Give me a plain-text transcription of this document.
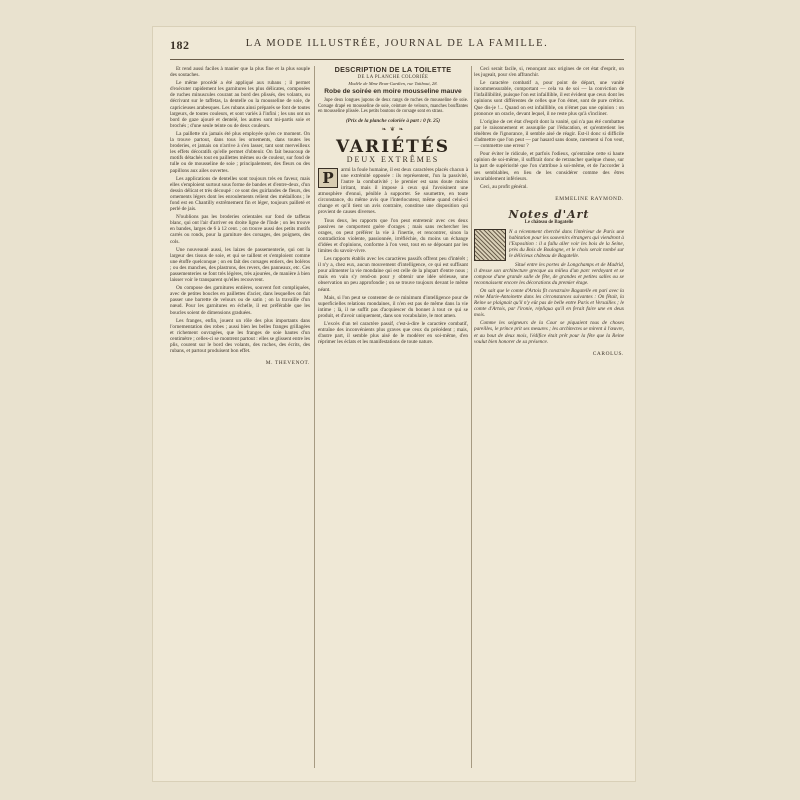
182	LA MODE ILLUSTRÉE, JOURNAL DE LA FAMILLE.

Et rend aussi faciles à manier que la plus fine et la plus souple des soutaches.

Le même procédé a été appliqué aux rubans ; il permet d'exécuter rapidement les garnitures les plus délicates, composées de ruches minuscules courant au bord des plissés, des volants, ou décrivant sur le taffetas, la dentelle ou la mousseline de soie, de capricieuses arabesques. Les rubans ainsi préparés se font de toutes largeurs, de toutes couleurs, et sont variés à l'infini ; les uns ont un bord de gaze ajouré et dentelé, les autres sont mi-partis soie et brochés ; d'une seule teinte ou de deux couleurs.

La paillette n'a jamais été plus employée qu'en ce moment. On la trouve partout, dans tous les ornements, dans toutes les broderies, et jamais on n'arrive à s'en lasser, tant sont merveilleux les effets décoratifs qu'elle permet d'obtenir. On fait beaucoup de motifs détachés tout en paillettes mêmes ou de couleur, sur fond de tulle ou de mousseline de soie ; principalement, des fleurs ou des papillons aux ailes ouvertes.

Les applications de dentelles sont toujours très en faveur, mais elles s'emploient surtout sous forme de bandes et d'entre-deux, d'un dessin délicat et très découpé : ce sont des guirlandes de fleurs, des ornements légers dont les enroulements relient des médaillons ; le fond est en Chantilly extrêmement fin et léger, toujours pailleté et perlé de jais.

N'oublions pas les broderies orientales sur fond de taffetas blanc, qui ont l'air d'arriver en droite ligne de l'Inde ; on les trouve en bandes, larges de 6 à 12 cent. ; on trouve aussi des petits motifs carrés ou ronds, pour la garniture des corsages, des poignets, des cols.

Une nouveauté aussi, les laizes de passementerie, qui ont la largeur des tissus de soie, et qui se taillent et s'emploient comme une étoffe quelconque ; on en fait des corsages entiers, des boléros ; ou des manches, des plastrons, des revers, des panneaux, etc. Ces passementeries se font très légères, très ajourées, de manière à bien laisser voir le transparent qu'elles recouvrent.

On compose des garnitures entières, souvent fort compliquées, avec de petites boucles en paillettes d'acier, dans lesquelles on fait passer une barrette de velours ou de satin ; on la travaille d'un nœud. Pour les garnitures en échelle, il est préférable que les boucles soient de dimensions graduées.

Les franges, enfin, jouent un rôle des plus importants dans l'ornementation des robes ; aussi bien les belles franges grillagées et richement ouvragées, que les franges de soie hautes d'un centimètre ; celles-ci se montrent partout : elles se glissent entre les plis, courent sur le bord des volants, des ruches, des écrits, des rubans, et partout produisent bon effet.

M. THEVENOT.
DESCRIPTION DE LA TOILETTE
DE LA PLANCHE COLORIÉE
Modèle de Mme Brun-Gardien, rue Taitbout, 28.
Robe de soirée en moire mousseline mauve

Jupe deux longues jupons de deux rangs de ruches de mousseline de soie. Corsage drapé en mousseline de soie, ceinture de velours, manches bouffantes en mousseline plissée. Les petits boutons de corsage sont en strass.

(Prix de la planche coloriée à part : 0 fr. 25)
❧ ❦ ❧
VARIÉTÉS
DEUX EXTRÊMES

P	armi la foule humaine, il est deux caractères placés chacun à une extrémité opposée : ils représentent, l'un la passivité, l'autre la combativité ; le premier est sans doute moins irritant, mais il impose à ceux qui l'avoisinent une atmosphère d'ennui, pénible à supporter. Se soumettre, en toute circonstance, du même avis que l'interlocuteur, même quand celui-ci change et qu'il tient un avis contraire, constitue une disposition qui provient de causes diverses.

Tous deux, les rapports que l'on peut entretenir avec ces deux passives ne comportent guère d'orages ; mais sans rechercher les orages, on peut préférer la vie à l'inertie, et rencontrer, sinon la contradiction violente, passionnée, irréfléchie, du moins un échange d'idées et d'opinions, conforme à l'on veut, tout en se déposant par les limites du savoir-vivre.

Les rapports établis avec les caractères passifs offrent peu d'intérêt ; il n'y a, chez eux, aucun mouvement d'intelligence, ce qui est suffisant pour alimenter la vie mondaine qui est celle de la plupart d'entre nous ; mais en vain s'y rend-on pour y obtenir une idée sérieuse, une observation un peu approfondie ; on se trouve toujours devant le même néant.

Mais, si l'on peut se contenter de ce minimum d'intelligence pour de superficielles relations mondaines, il n'en est pas de même dans la vie intime ; là, il ne suffit pas d'acquiescer du bonnet à tout ce qui se produit, et d'avoir uniquement, dans son vocabulaire, le mot amen.

L'excès d'un tel caractère passif, c'est-à-dire le caractère combatif, entraîne des inconvénients plus graves que ceux du précédent ; mais, d'autre part, il semble plus aisé de le modérer en soi-même, d'en réprimer les éclats et les manifestations de toute nature.

Ceci serait facile, si, renonçant aux origines de cet état d'esprit, on les jugeait, pour s'en affranchir.

Le caractère combatif a, pour point de départ, une vanité incommensurable, comportant — cela va de soi — la conviction de l'infaillibilité, puisque l'on est infaillible, il est évident que ceux dont les opinions sont différentes de celles que l'on émet, sont de pure crétins. Que dis-je !... Quand on est infaillible, on n'émet pas une opinion : on prononce un oracle, devant lequel, il ne reste plus qu'à s'incliner.

L'origine de cet état d'esprit dont la vanité, qui n'a pas été combattue par le raisonnement et assouplie par l'éducation, et qu'entretient les ténèbres de l'ignorance, il semble aisé de réagir. Est-il donc si difficile d'admettre que l'on peut — par hasard sans doute, rarement si l'on veut, — commettre une erreur ?

Pour éviter le ridicule, et parfois l'odieux, qu'entraîne cette si haute opinion de soi-même, il suffirait donc de retrancher quelque chose, sur la part de supériorité que l'on s'attribue à soi-même, et de l'accorder à ses semblables, en lieu de les considérer comme des êtres invariablement inférieurs.

Ceci, au profit général.

EMMELINE RAYMOND.
Notes d'Art
Le château de Bagatelle

N a récemment cherché dans l'intérieur de Paris une habitation pour les souvenirs étrangers qui viendront à l'Exposition : il a fallu aller voir les bois de la Seine, près du Bois de Boulogne, et le choix serait tombé sur le délicieux château de Bagatelle.

Situé entre les portes de Longchamps et de Madrid, il dresse son architecture grecque au milieu d'un parc verdoyant et se compose d'une grande salle de fête, de grandes et petites salles ou se reconnaissent encore les décorations du premier étage.

On sait que le comte d'Artois fit construire Bagatelle en pari avec la reine Marie-Antoinette dans les circonstances suivantes : On fêtait, la Reine se plaignait qu'il n'y eût pas de belle entre Paris et Versailles ; le comte d'Artois, par l'ironie, répliqua qu'il en ferait faire une en deux mois.

Comme les seigneurs de la Cour se piquaient tous de choses pareilles, le prince prit ses mesures ; les architectes se mirent à l'œuvre, et au bout de deux mois, l'édifice était prêt pour la fête que la Reine voulut bien honorer de sa présence.

CAROLUS.
